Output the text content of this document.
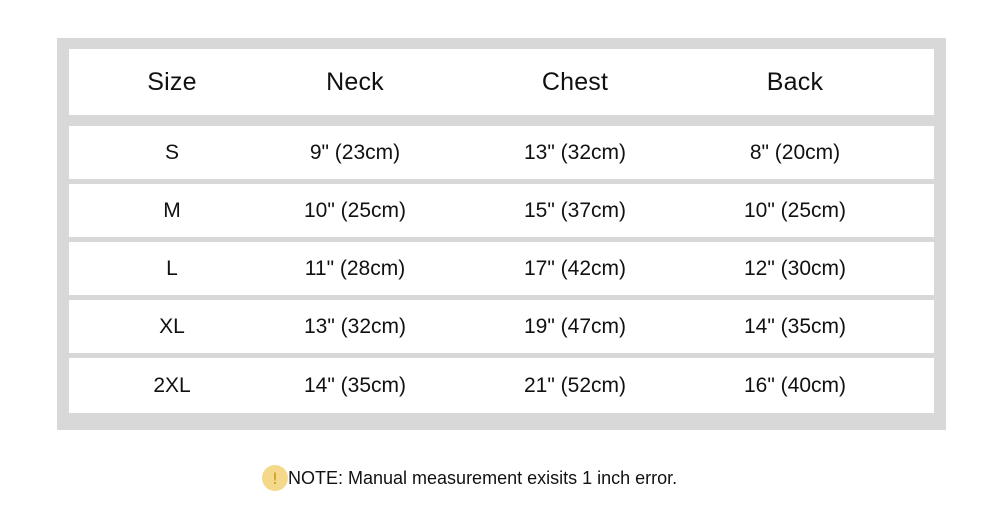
Size	Neck	Chest	Back
S	9" (23cm)	13" (32cm)	8" (20cm)
M	10" (25cm)	15" (37cm)	10" (25cm)
L	11" (28cm)	17" (42cm)	12" (30cm)
XL	13" (32cm)	19" (47cm)	14" (35cm)
2XL	14" (35cm)	21" (52cm)	16" (40cm)
! NOTE: Manual measurement exisits 1 inch error.
